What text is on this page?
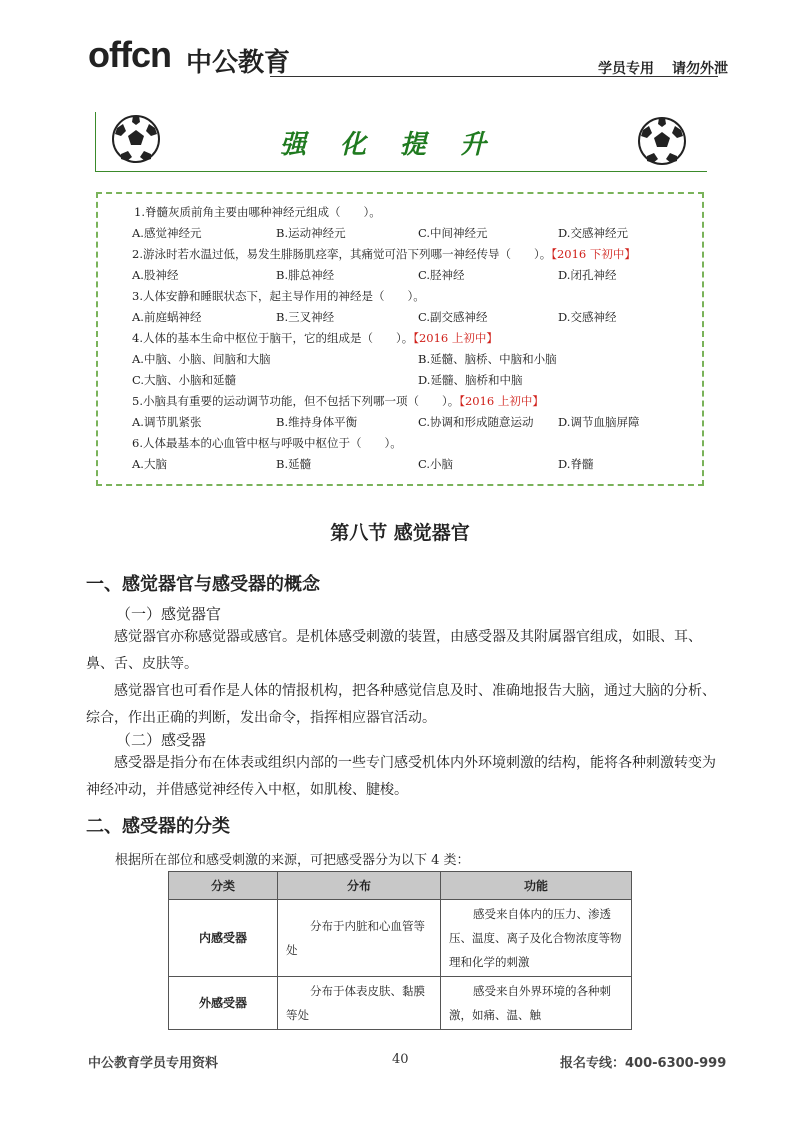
offcn 中公教育	学员专用 请勿外泄
强化提升
1.脊髓灰质前角主要由哪种神经元组成（　　）。
A.感觉神经元	B.运动神经元	C.中间神经元	D.交感神经元
2.游泳时若水温过低，易发生腓肠肌痉挛，其痛觉可沿下列哪一神经传导（　　）。【2016 下初中】
A.股神经	B.腓总神经	C.胫神经	D.闭孔神经
3.人体安静和睡眠状态下，起主导作用的神经是（　　）。
A.前庭蜗神经	B.三叉神经	C.副交感神经	D.交感神经
4.人体的基本生命中枢位于脑干，它的组成是（　　）。【2016 上初中】
A.中脑、小脑、间脑和大脑	B.延髓、脑桥、中脑和小脑
C.大脑、小脑和延髓	D.延髓、脑桥和中脑
5.小脑具有重要的运动调节功能，但不包括下列哪一项（　　）。【2016 上初中】
A.调节肌紧张	B.维持身体平衡	C.协调和形成随意运动 D.调节血脑屏障
6.人体最基本的心血管中枢与呼吸中枢位于（　　）。
A.大脑	B.延髓	C.小脑	D.脊髓
第八节 感觉器官
一、感觉器官与感受器的概念
（一）感觉器官
感觉器官亦称感觉器或感官。是机体感受刺激的装置，由感受器及其附属器官组成，如眼、耳、鼻、舌、皮肤等。
感觉器官也可看作是人体的情报机构，把各种感觉信息及时、准确地报告大脑，通过大脑的分析、综合，作出正确的判断，发出命令，指挥相应器官活动。
（二）感受器
感受器是指分布在体表或组织内部的一些专门感受机体内外环境刺激的结构，能将各种刺激转变为神经冲动，并借感觉神经传入中枢，如肌梭、腱梭。
二、感受器的分类
根据所在部位和感受刺激的来源，可把感受器分为以下 4 类：
分类	分布	功能
内感受器	分布于内脏和心血管等处	感受来自体内的压力、渗透压、温度、离子及化合物浓度等物理和化学的刺激
外感受器	分布于体表皮肤、黏膜等处	感受来自外界环境的各种刺激，如痛、温、触
中公教育学员专用资料	40	报名专线：400-6300-999
